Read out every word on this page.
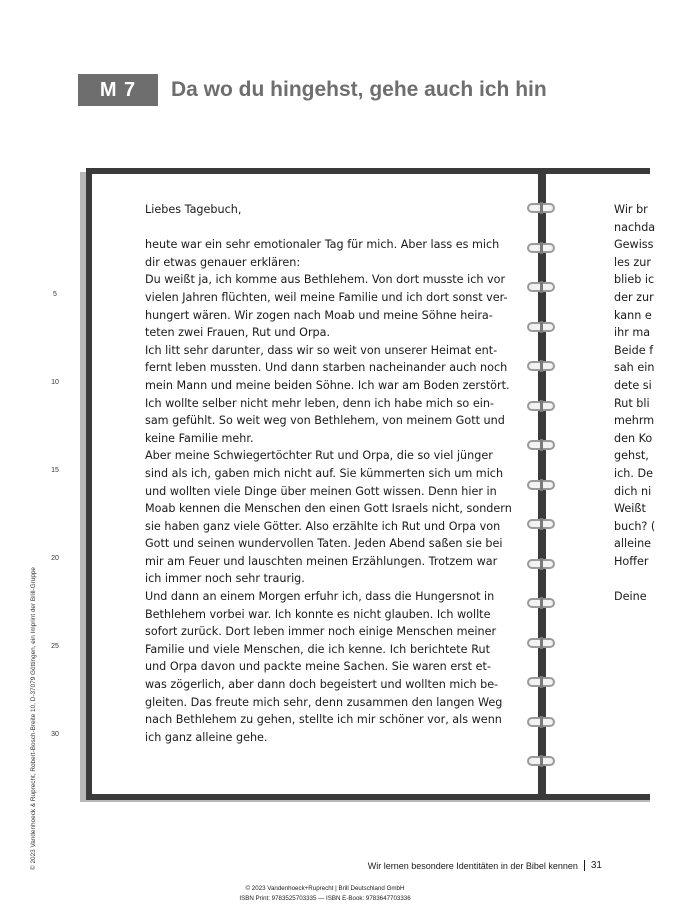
M 7	Da wo du hingehst, gehe auch ich hin
Liebes Tagebuch,
heute war ein sehr emotionaler Tag für mich. Aber lass es mich
dir etwas genauer erklären:
Du weißt ja, ich komme aus Bethlehem. Von dort musste ich vor
vielen Jahren flüchten, weil meine Familie und ich dort sonst ver-
hungert wären. Wir zogen nach Moab und meine Söhne heira-
teten zwei Frauen, Rut und Orpa.
Ich litt sehr darunter, dass wir so weit von unserer Heimat ent-
fernt leben mussten. Und dann starben nacheinander auch noch
mein Mann und meine beiden Söhne. Ich war am Boden zerstört.
Ich wollte selber nicht mehr leben, denn ich habe mich so ein-
sam gefühlt. So weit weg von Bethlehem, von meinem Gott und
keine Familie mehr.
Aber meine Schwiegertöchter Rut und Orpa, die so viel jünger
sind als ich, gaben mich nicht auf. Sie kümmerten sich um mich
und wollten viele Dinge über meinen Gott wissen. Denn hier in
Moab kennen die Menschen den einen Gott Israels nicht, sondern
sie haben ganz viele Götter. Also erzählte ich Rut und Orpa von
Gott und seinen wundervollen Taten. Jeden Abend saßen sie bei
mir am Feuer und lauschten meinen Erzählungen. Trotzem war
ich immer noch sehr traurig.
Und dann an einem Morgen erfuhr ich, dass die Hungersnot in
Bethlehem vorbei war. Ich konnte es nicht glauben. Ich wollte
sofort zurück. Dort leben immer noch einige Menschen meiner
Familie und viele Menschen, die ich kenne. Ich berichtete Rut
und Orpa davon und packte meine Sachen. Sie waren erst et-
was zögerlich, aber dann doch begeistert und wollten mich be-
gleiten. Das freute mich sehr, denn zusammen den langen Weg
nach Bethlehem zu gehen, stellte ich mir schöner vor, als wenn
ich ganz alleine gehe.
Wir br
nachda
Gewiss
les zur
blieb ic
der zur
kann e
ihr ma
Beide f
sah ein
dete si
Rut bli
mehrm
den Ko
gehst,
ich. De
dich ni
Weißt
buch? (
alleine
Hoffer
Deine
5
10
15
20
25
30
© 2023 Vandenhoeck & Ruprecht, Robert-Bosch-Breite 10, D-37079 Göttingen, ein Imprint der Brill-Gruppe	Wir lernen besondere Identitäten in der Bibel kennen 31
© 2023 Vandenhoeck+Ruprecht | Brill Deutschland GmbH
ISBN Print: 9783525703335 — ISBN E-Book: 9783647703336
